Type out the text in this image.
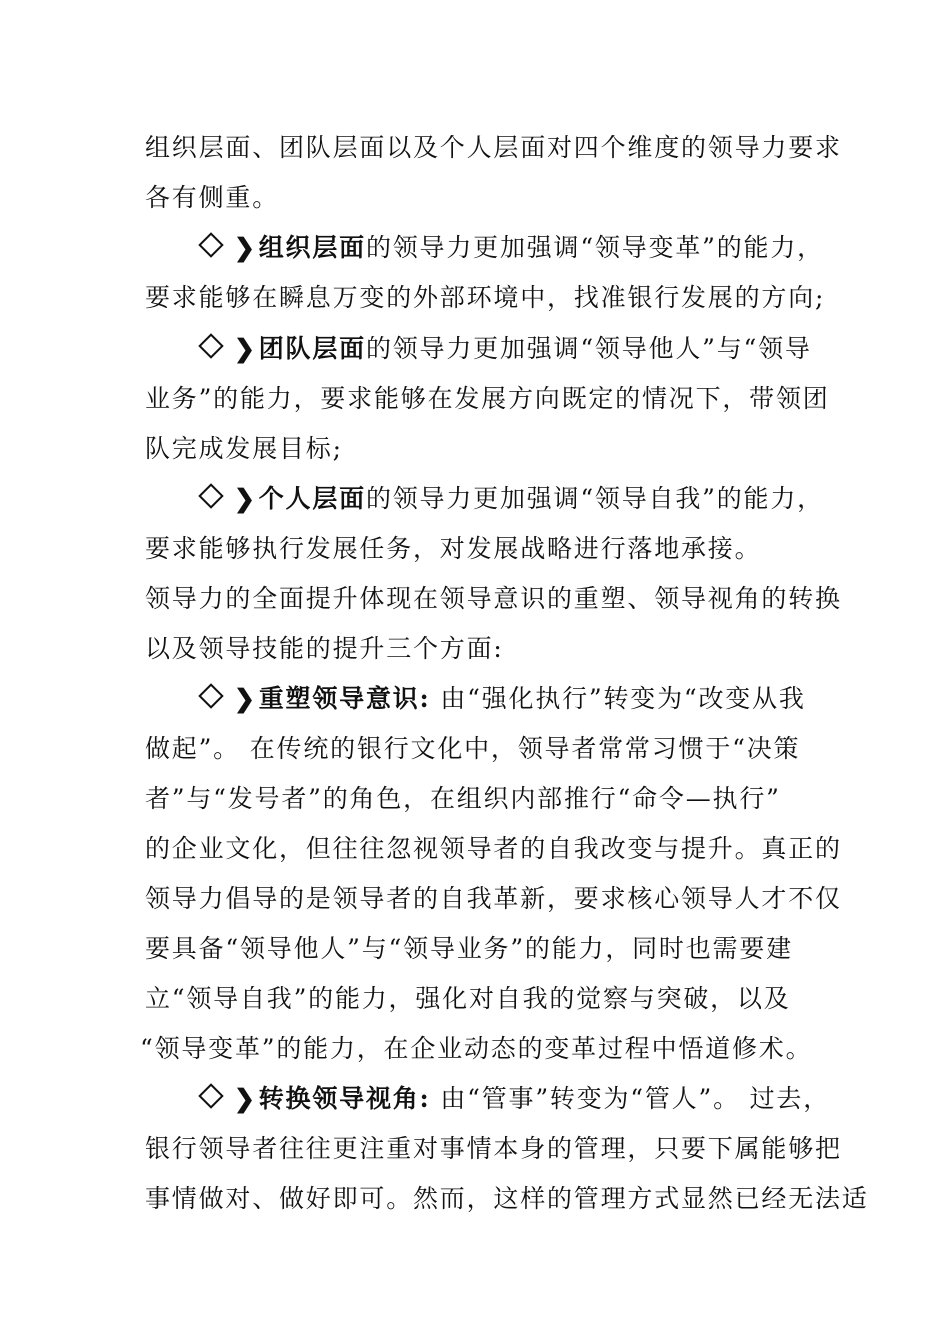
组织层面、团队层面以及个人层面对四个维度的领导力要求
各有侧重。
❯组织层面的领导力更加强调“领导变革”的能力，
要求能够在瞬息万变的外部环境中，找准银行发展的方向;
❯团队层面的领导力更加强调“领导他人”与“领导
业务”的能力，要求能够在发展方向既定的情况下，带领团
队完成发展目标;
❯个人层面的领导力更加强调“领导自我”的能力，
要求能够执行发展任务，对发展战略进行落地承接。
领导力的全面提升体现在领导意识的重塑、领导视角的转换
以及领导技能的提升三个方面:
❯重塑领导意识: 由“强化执行”转变为“改变从我
做起”。 在传统的银行文化中，领导者常常习惯于“决策
者”与“发号者”的角色，在组织内部推行“命令—执行”
的企业文化，但往往忽视领导者的自我改变与提升。真正的
领导力倡导的是领导者的自我革新，要求核心领导人才不仅
要具备“领导他人”与“领导业务”的能力，同时也需要建
立“领导自我”的能力，强化对自我的觉察与突破，以及
“领导变革”的能力，在企业动态的变革过程中悟道修术。
❯转换领导视角: 由“管事”转变为“管人”。 过去，
银行领导者往往更注重对事情本身的管理，只要下属能够把
事情做对、做好即可。然而，这样的管理方式显然已经无法适
